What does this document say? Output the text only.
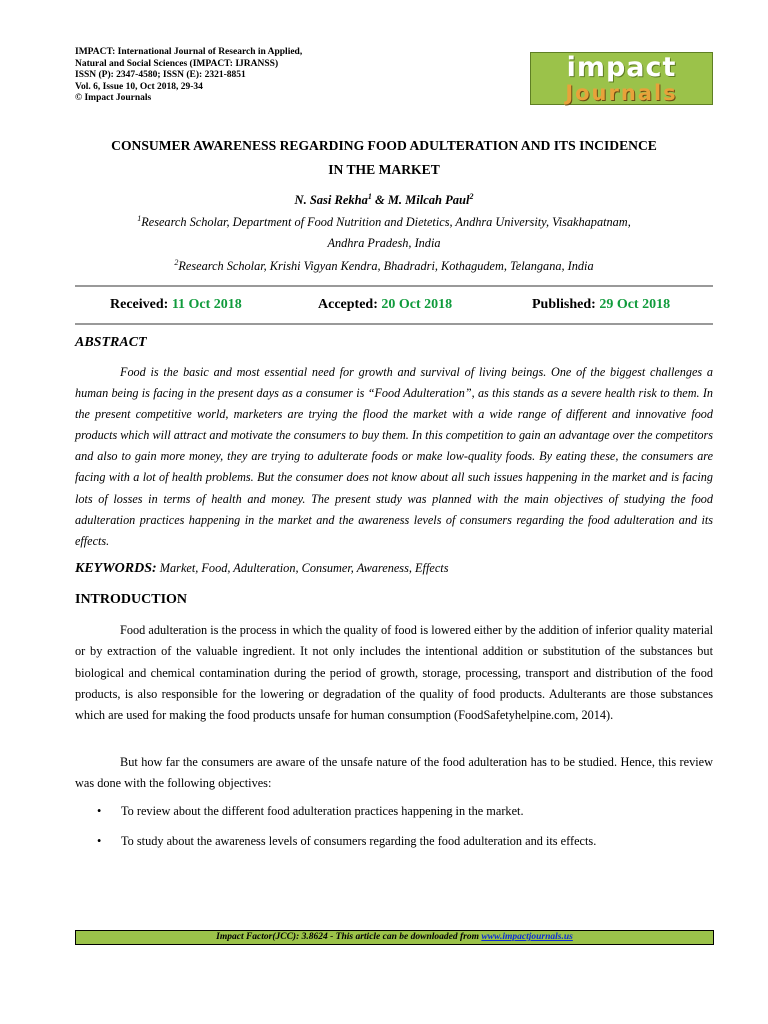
IMPACT: International Journal of Research in Applied,
Natural and Social Sciences (IMPACT: IJRANSS)
ISSN (P): 2347-4580; ISSN (E): 2321-8851
Vol. 6, Issue 10, Oct 2018, 29-34
© Impact Journals
impact
Journals
CONSUMER AWARENESS REGARDING FOOD ADULTERATION AND ITS INCIDENCE
IN THE MARKET
N. Sasi Rekha$^1$ & M. Milcah Paul$^2$
$^1$Research Scholar, Department of Food Nutrition and Dietetics, Andhra University, Visakhapatnam,
Andhra Pradesh, India
$^2$Research Scholar, Krishi Vigyan Kendra, Bhadradri, Kothagudem, Telangana, India
Received: 11 Oct 2018	Accepted: 20 Oct 2018	Published: 29 Oct 2018
ABSTRACT
Food is the basic and most essential need for growth and survival of living beings. One of the biggest challenges a human being is facing in the present days as a consumer is “Food Adulteration”, as this stands as a severe health risk to them. In the present competitive world, marketers are trying the flood the market with a wide range of different and innovative food products which will attract and motivate the consumers to buy them. In this competition to gain an advantage over the competitors and also to gain more money, they are trying to adulterate foods or make low-quality foods. By eating these, the consumers are facing with a lot of health problems. But the consumer does not know about all such issues happening in the market and is facing lots of losses in terms of health and money. The present study was planned with the main objectives of studying the food adulteration practices happening in the market and the awareness levels of consumers regarding the food adulteration and its effects.
KEYWORDS: Market, Food, Adulteration, Consumer, Awareness, Effects
INTRODUCTION
Food adulteration is the process in which the quality of food is lowered either by the addition of inferior quality material or by extraction of the valuable ingredient. It not only includes the intentional addition or substitution of the substances but biological and chemical contamination during the period of growth, storage, processing, transport and distribution of the food products, is also responsible for the lowering or degradation of the quality of food products. Adulterants are those substances which are used for making the food products unsafe for human consumption (FoodSafetyhelpine.com, 2014).
But how far the consumers are aware of the unsafe nature of the food adulteration has to be studied. Hence, this review was done with the following objectives:
• To review about the different food adulteration practices happening in the market.
• To study about the awareness levels of consumers regarding the food adulteration and its effects.
Impact Factor(JCC): 3.8624 - This article can be downloaded from www.impactjournals.us
